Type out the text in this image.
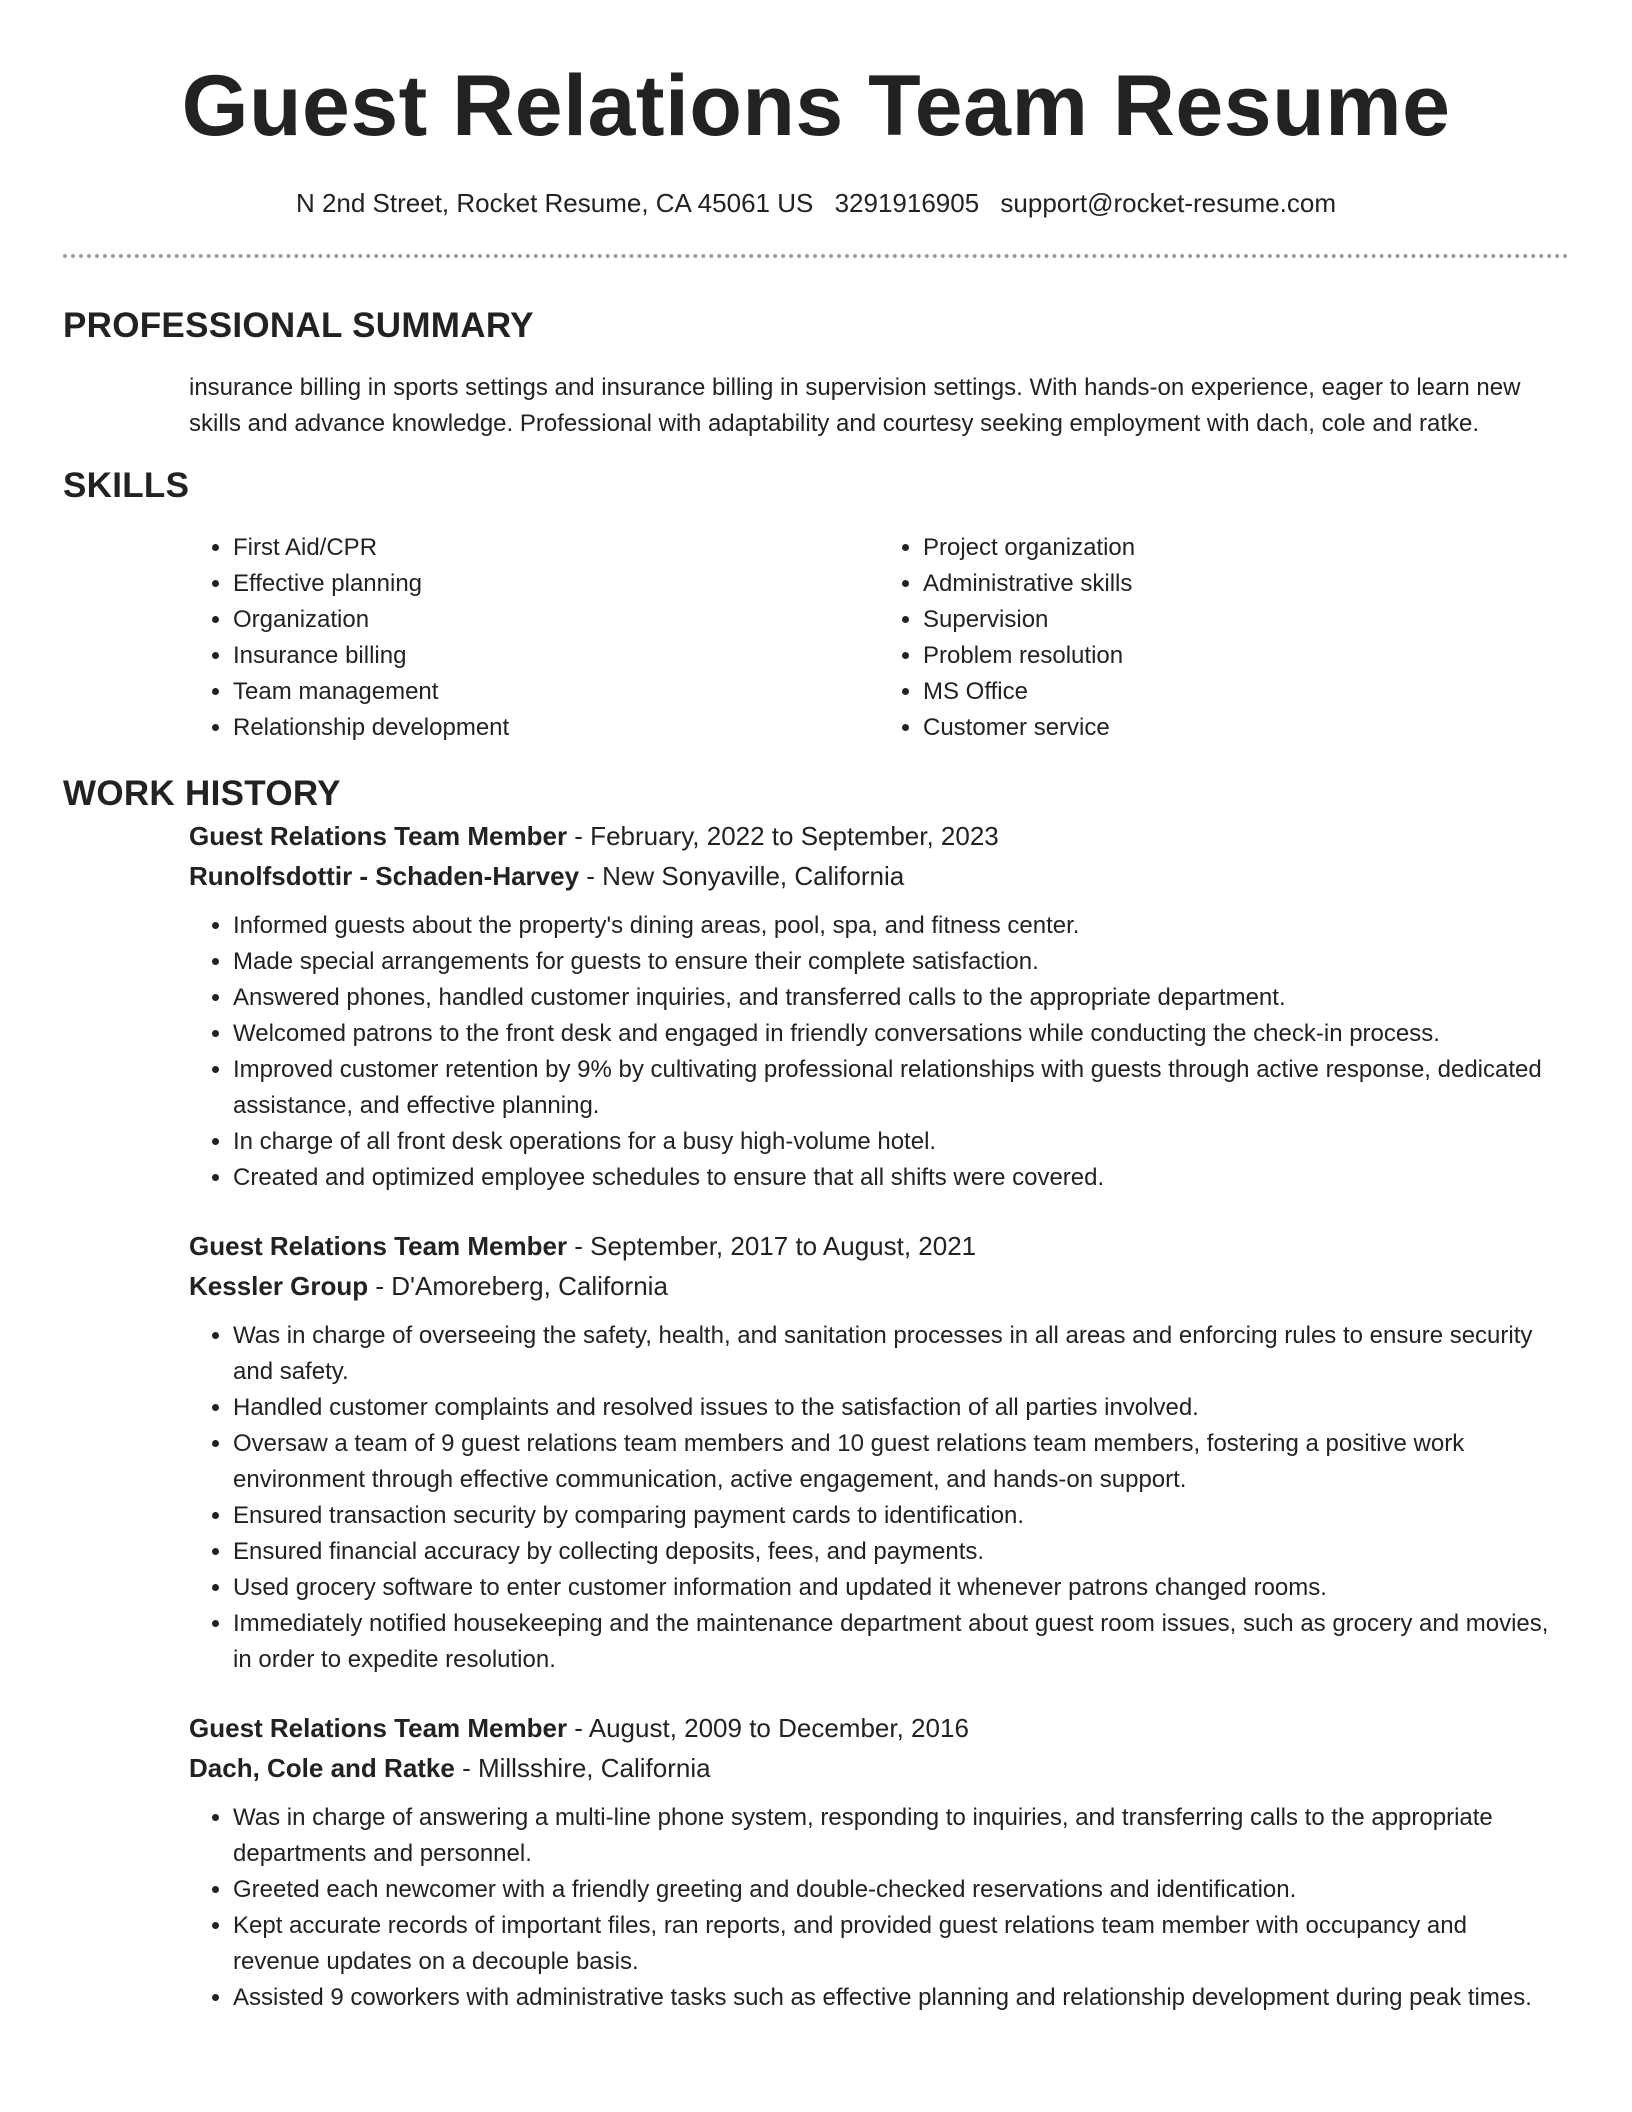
Guest Relations Team Resume
N 2nd Street, Rocket Resume, CA 45061 US 3291916905 support@rocket-resume.com
PROFESSIONAL SUMMARY

insurance billing in sports settings and insurance billing in supervision settings. With hands-on experience, eager to learn new skills and advance knowledge. Professional with adaptability and courtesy seeking employment with dach, cole and ratke.

SKILLS
• First Aid/CPR
• Effective planning
• Organization
• Insurance billing
• Team management
• Relationship development
• Project organization
• Administrative skills
• Supervision
• Problem resolution
• MS Office
• Customer service
WORK HISTORY
Guest Relations Team Member - February, 2022 to September, 2023
Runolfsdottir - Schaden-Harvey - New Sonyaville, California
• Informed guests about the property's dining areas, pool, spa, and fitness center.
• Made special arrangements for guests to ensure their complete satisfaction.
• Answered phones, handled customer inquiries, and transferred calls to the appropriate department.
• Welcomed patrons to the front desk and engaged in friendly conversations while conducting the check-in process.
• Improved customer retention by 9% by cultivating professional relationships with guests through active response, dedicated assistance, and effective planning.
• In charge of all front desk operations for a busy high-volume hotel.
• Created and optimized employee schedules to ensure that all shifts were covered.
Guest Relations Team Member - September, 2017 to August, 2021
Kessler Group - D'Amoreberg, California
• Was in charge of overseeing the safety, health, and sanitation processes in all areas and enforcing rules to ensure security and safety.
• Handled customer complaints and resolved issues to the satisfaction of all parties involved.
• Oversaw a team of 9 guest relations team members and 10 guest relations team members, fostering a positive work environment through effective communication, active engagement, and hands-on support.
• Ensured transaction security by comparing payment cards to identification.
• Ensured financial accuracy by collecting deposits, fees, and payments.
• Used grocery software to enter customer information and updated it whenever patrons changed rooms.
• Immediately notified housekeeping and the maintenance department about guest room issues, such as grocery and movies, in order to expedite resolution.
Guest Relations Team Member - August, 2009 to December, 2016
Dach, Cole and Ratke - Millsshire, California
• Was in charge of answering a multi-line phone system, responding to inquiries, and transferring calls to the appropriate departments and personnel.
• Greeted each newcomer with a friendly greeting and double-checked reservations and identification.
• Kept accurate records of important files, ran reports, and provided guest relations team member with occupancy and revenue updates on a decouple basis.
• Assisted 9 coworkers with administrative tasks such as effective planning and relationship development during peak times.
